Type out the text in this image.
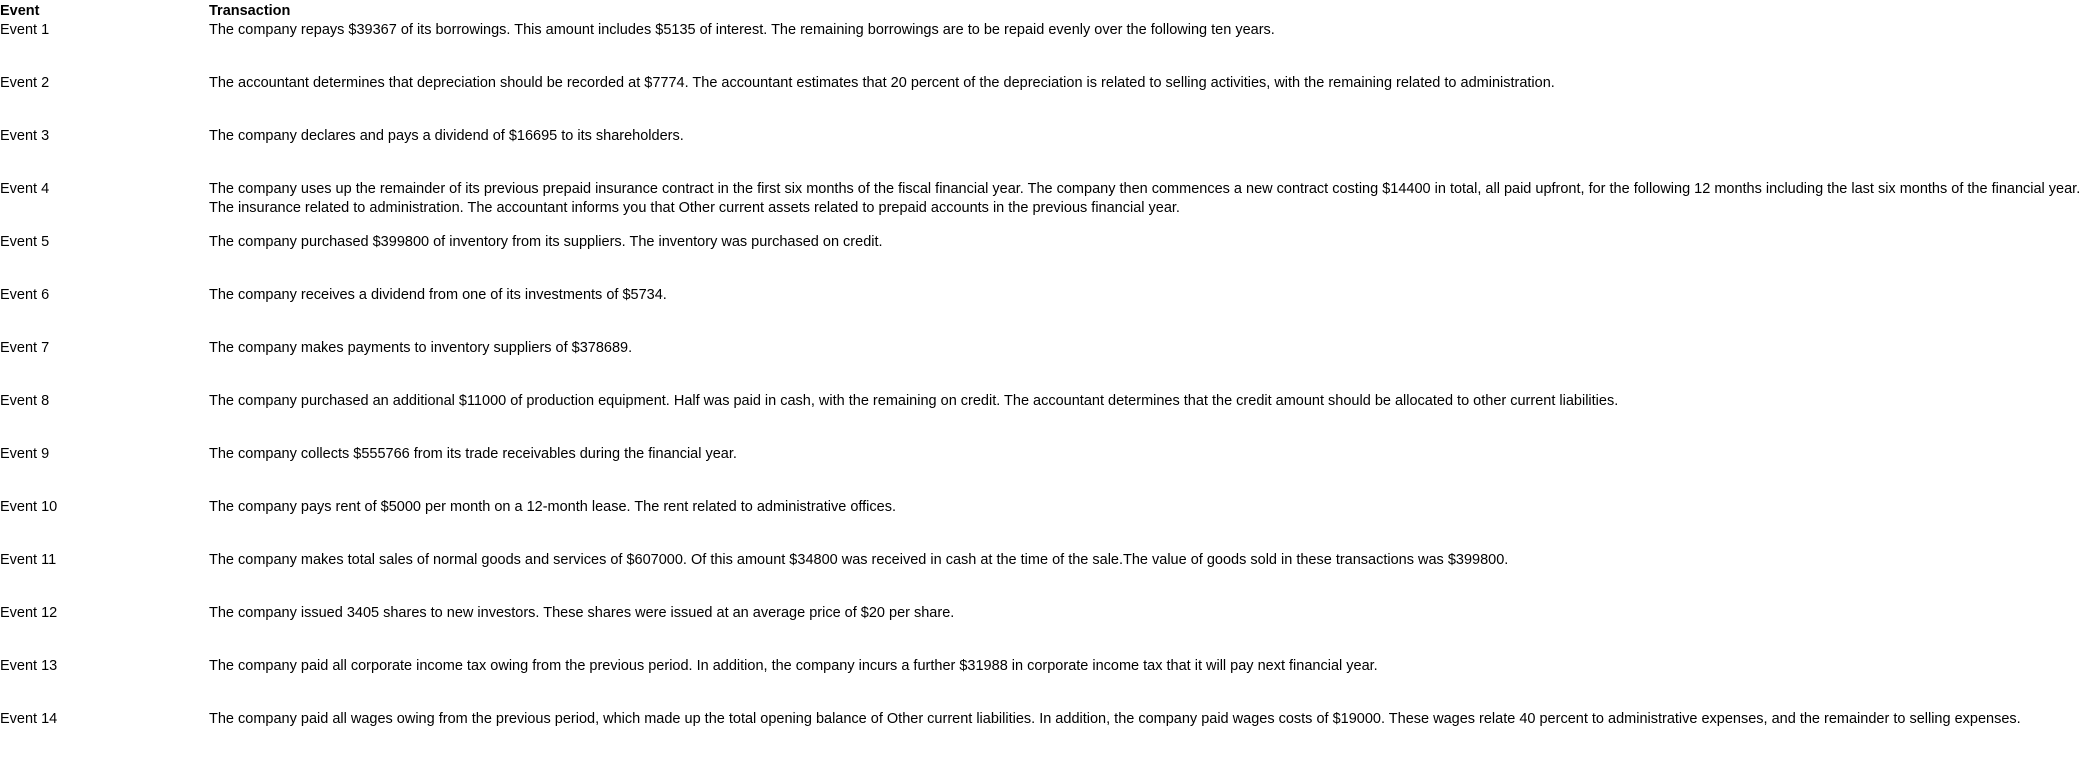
Event	Transaction
Event 1	The company repays $39367 of its borrowings. This amount includes $5135 of interest. The remaining borrowings are to be repaid evenly over the following ten years.
Event 2	The accountant determines that depreciation should be recorded at $7774. The accountant estimates that 20 percent of the depreciation is related to selling activities, with the remaining related to administration.
Event 3	The company declares and pays a dividend of $16695 to its shareholders.
Event 4	The company uses up the remainder of its previous prepaid insurance contract in the first six months of the fiscal financial year. The company then commences a new contract costing $14400 in total, all paid upfront, for the following 12 months including the last six months of the financial year. The insurance related to administration. The accountant informs you that Other current assets related to prepaid accounts in the previous financial year.
Event 5	The company purchased $399800 of inventory from its suppliers. The inventory was purchased on credit.
Event 6	The company receives a dividend from one of its investments of $5734.
Event 7	The company makes payments to inventory suppliers of $378689.
Event 8	The company purchased an additional $11000 of production equipment. Half was paid in cash, with the remaining on credit. The accountant determines that the credit amount should be allocated to other current liabilities.
Event 9	The company collects $555766 from its trade receivables during the financial year.
Event 10	The company pays rent of $5000 per month on a 12-month lease. The rent related to administrative offices.
Event 11	The company makes total sales of normal goods and services of $607000. Of this amount $34800 was received in cash at the time of the sale.The value of goods sold in these transactions was $399800.
Event 12	The company issued 3405 shares to new investors. These shares were issued at an average price of $20 per share.
Event 13	The company paid all corporate income tax owing from the previous period. In addition, the company incurs a further $31988 in corporate income tax that it will pay next financial year.
Event 14	The company paid all wages owing from the previous period, which made up the total opening balance of Other current liabilities. In addition, the company paid wages costs of $19000. These wages relate 40 percent to administrative expenses, and the remainder to selling expenses.
